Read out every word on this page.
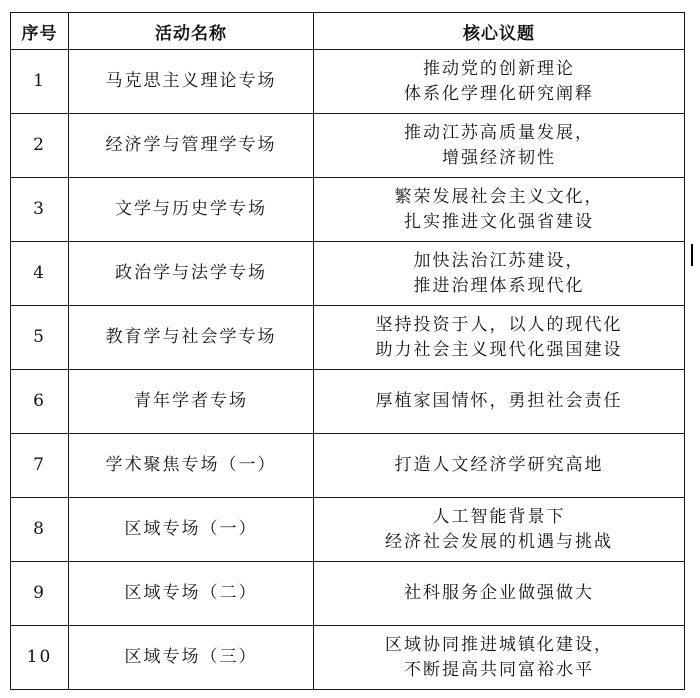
序号	活动名称	核心议题
1	马克思主义理论专场	推动党的创新理论
体系化学理化研究阐释

2	经济学与管理学专场	推动江苏高质量发展，
增强经济韧性

3	文学与历史学专场	繁荣发展社会主义文化，
扎实推进文化强省建设

4	政治学与法学专场	加快法治江苏建设，
推进治理体系现代化

5	教育学与社会学专场	坚持投资于人，以人的现代化
助力社会主义现代化强国建设

6	青年学者专场	厚植家国情怀，勇担社会责任

7	学术聚焦专场（一）	打造人文经济学研究高地

8	区域专场（一）	人工智能背景下
经济社会发展的机遇与挑战

9	区域专场（二）	社科服务企业做强做大

10	区域专场（三）	区域协同推进城镇化建设，
不断提高共同富裕水平
